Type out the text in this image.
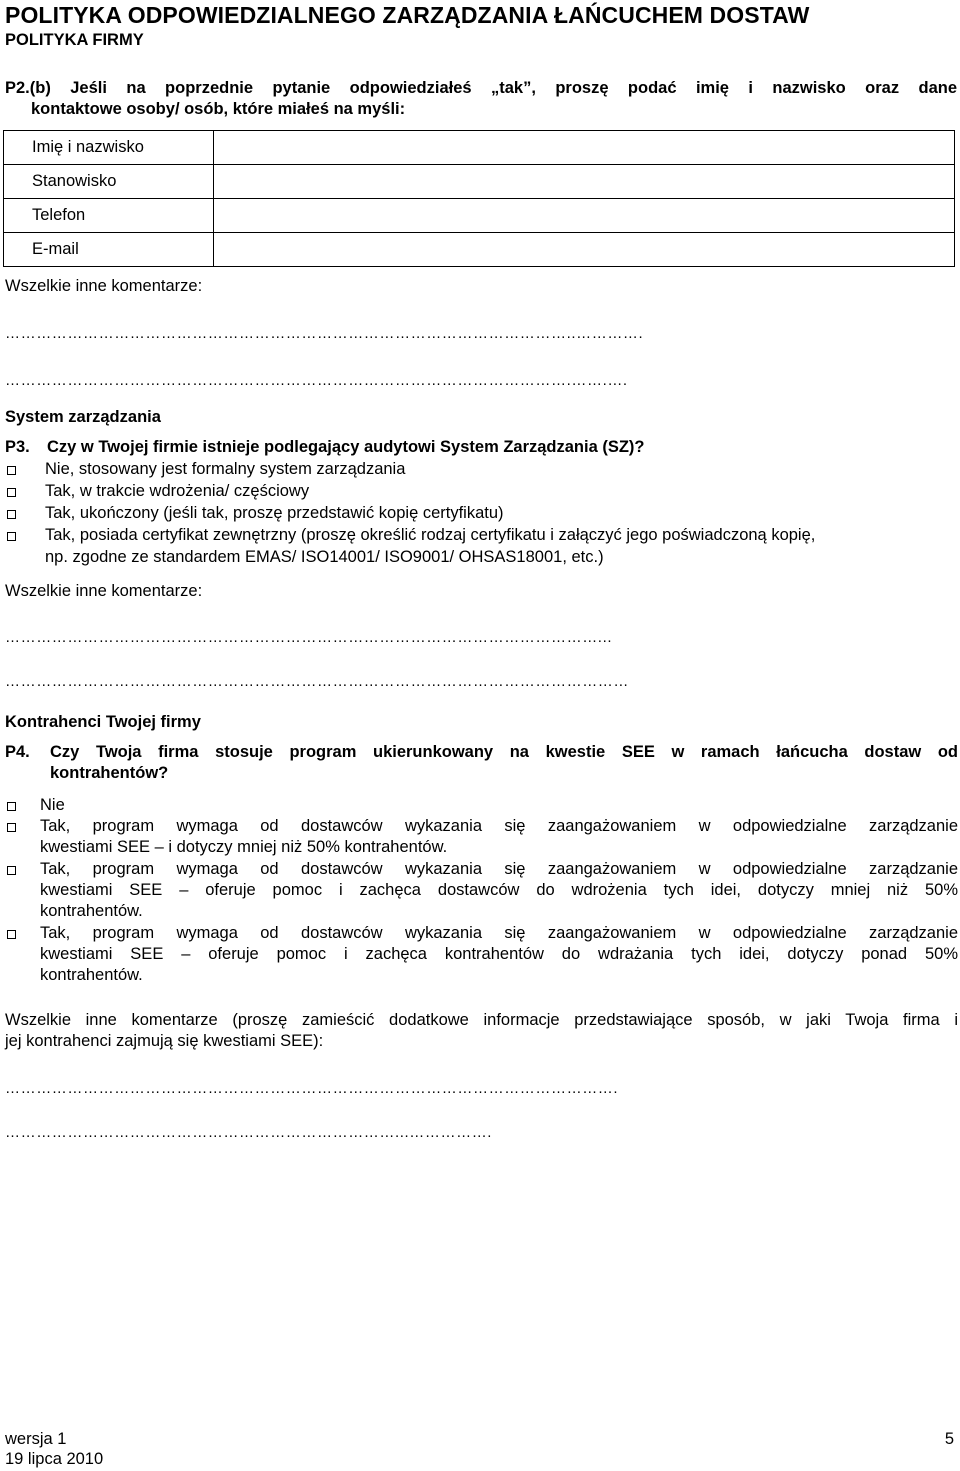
POLITYKA ODPOWIEDZIALNEGO ZARZĄDZANIA ŁAŃCUCHEM DOSTAW
POLITYKA FIRMY
P2.(b) Jeśli na poprzednie pytanie odpowiedziałeś „tak”, proszę podać imię i nazwisko oraz dane
kontaktowe osoby/ osób, które miałeś na myśli:
Imię i nazwisko	
Stanowisko	
Telefon	
E-mail	
Wszelkie inne komentarze:
………………………………………………………………………………………………..………….
……………………………………………………………………………………………….…….….
System zarządzania
P3. Czy w Twojej firmie istnieje podlegający audytowi System Zarządzania (SZ)?
Nie, stosowany jest formalny system zarządzania
Tak, w trakcie wdrożenia/ częściowy
Tak, ukończony (jeśli tak, proszę przedstawić kopię certyfikatu)
Tak, posiada certyfikat zewnętrzny (proszę określić rodzaj certyfikatu i załączyć jego poświadczoną kopię,
np. zgodne ze standardem EMAS/ ISO14001/ ISO9001/ OHSAS18001, etc.)
Wszelkie inne komentarze:
……………………………………………………………………………………………………...
…………………………………………………………………………………………………………
Kontrahenci Twojej firmy
P4. Czy Twoja firma stosuje program ukierunkowany na kwestie SEE w ramach łańcucha dostaw od
kontrahentów?
Nie
Tak, program wymaga od dostawców wykazania się zaangażowaniem w odpowiedzialne zarządzanie
kwestiami SEE – i dotyczy mniej niż 50% kontrahentów.
Tak, program wymaga od dostawców wykazania się zaangażowaniem w odpowiedzialne zarządzanie
kwestiami SEE – oferuje pomoc i zachęca dostawców do wdrożenia tych idei, dotyczy mniej niż 50%
kontrahentów.
Tak, program wymaga od dostawców wykazania się zaangażowaniem w odpowiedzialne zarządzanie
kwestiami SEE – oferuje pomoc i zachęca kontrahentów do wdrażania tych idei, dotyczy ponad 50%
kontrahentów.
Wszelkie inne komentarze (proszę zamieścić dodatkowe informacje przedstawiające sposób, w jaki Twoja firma i
jej kontrahenci zajmują się kwestiami SEE):
……………………………………………………………………………………………………….
…………………………………………………………………...…………….
wersja 1
19 lipca 2010
5
